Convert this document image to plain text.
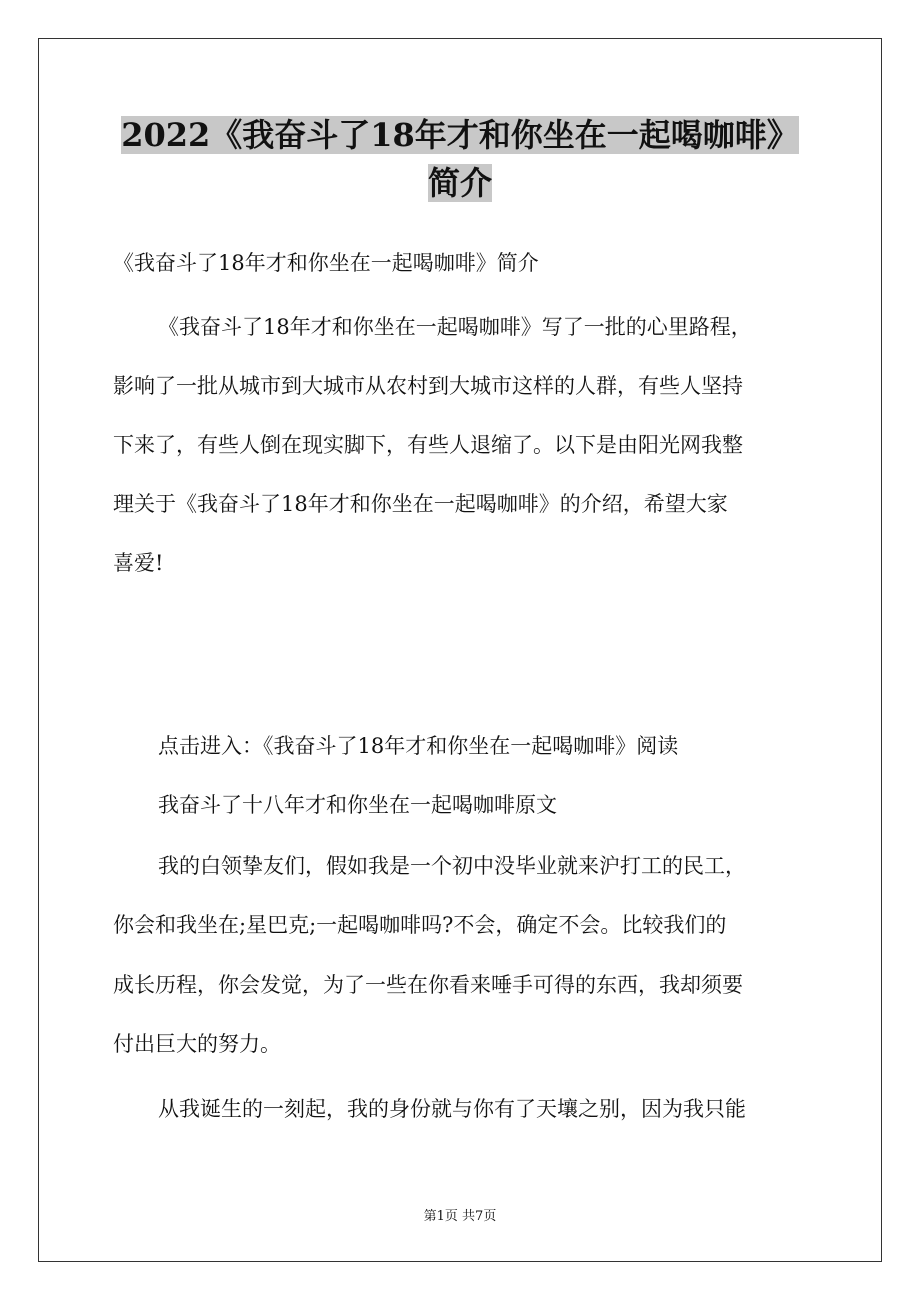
2022《我奋斗了18年才和你坐在一起喝咖啡》
简介
《我奋斗了18年才和你坐在一起喝咖啡》简介
《我奋斗了18年才和你坐在一起喝咖啡》写了一批的心里路程，
影响了一批从城市到大城市从农村到大城市这样的人群，有些人坚持
下来了，有些人倒在现实脚下，有些人退缩了。以下是由阳光网我整
理关于《我奋斗了18年才和你坐在一起喝咖啡》的介绍，希望大家
喜爱!
点击进入：《我奋斗了18年才和你坐在一起喝咖啡》阅读
我奋斗了十八年才和你坐在一起喝咖啡原文
我的白领挚友们，假如我是一个初中没毕业就来沪打工的民工，
你会和我坐在;星巴克;一起喝咖啡吗?不会，确定不会。比较我们的
成长历程，你会发觉，为了一些在你看来唾手可得的东西，我却须要
付出巨大的努力。
从我诞生的一刻起，我的身份就与你有了天壤之别，因为我只能
第1页 共7页
